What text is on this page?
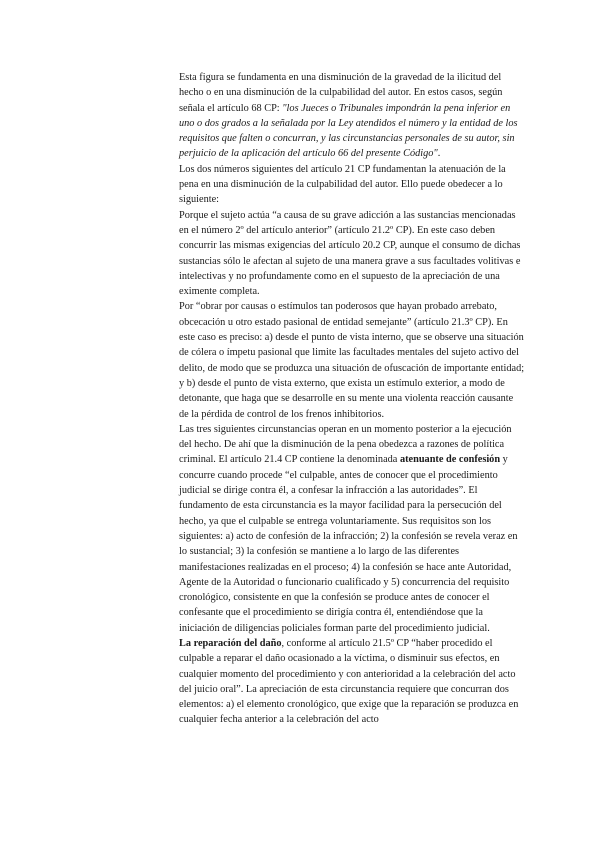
Esta figura se fundamenta en una disminución de la gravedad de la ilicitud del hecho o en una disminución de la culpabilidad del autor. En estos casos, según señala el artículo 68 CP: "los Jueces o Tribunales impondrán la pena inferior en uno o dos grados a la señalada por la Ley atendidos el número y la entidad de los requisitos que falten o concurran, y las circunstancias personales de su autor, sin perjuicio de la aplicación del artículo 66 del presente Código".

Los dos números siguientes del artículo 21 CP fundamentan la atenuación de la pena en una disminución de la culpabilidad del autor. Ello puede obedecer a lo siguiente:

Porque el sujeto actúa “a causa de su grave adicción a las sustancias mencionadas en el número 2º del artículo anterior” (artículo 21.2º CP). En este caso deben concurrir las mismas exigencias del artículo 20.2 CP, aunque el consumo de dichas sustancias sólo le afectan al sujeto de una manera grave a sus facultades volitivas e intelectivas y no profundamente como en el supuesto de la apreciación de una eximente completa.

Por “obrar por causas o estímulos tan poderosos que hayan probado arrebato, obcecación u otro estado pasional de entidad semejante” (artículo 21.3º CP). En este caso es preciso: a) desde el punto de vista interno, que se observe una situación de cólera o ímpetu pasional que limite las facultades mentales del sujeto activo del delito, de modo que se produzca una situación de ofuscación de importante entidad; y b) desde el punto de vista externo, que exista un estímulo exterior, a modo de detonante, que haga que se desarrolle en su mente una violenta reacción causante de la pérdida de control de los frenos inhibitorios.

Las tres siguientes circunstancias operan en un momento posterior a la ejecución del hecho. De ahí que la disminución de la pena obedezca a razones de política criminal. El artículo 21.4 CP contiene la denominada atenuante de confesión y concurre cuando procede “el culpable, antes de conocer que el procedimiento judicial se dirige contra él, a confesar la infracción a las autoridades”. El fundamento de esta circunstancia es la mayor facilidad para la persecución del hecho, ya que el culpable se entrega voluntariamente. Sus requisitos son los siguientes: a) acto de confesión de la infracción; 2) la confesión se revela veraz en lo sustancial; 3) la confesión se mantiene a lo largo de las diferentes manifestaciones realizadas en el proceso; 4) la confesión se hace ante Autoridad, Agente de la Autoridad o funcionario cualificado y 5) concurrencia del requisito cronológico, consistente en que la confesión se produce antes de conocer el confesante que el procedimiento se dirigía contra él, entendiéndose que la iniciación de diligencias policiales forman parte del procedimiento judicial.

La reparación del daño, conforme al artículo 21.5º CP “haber procedido el culpable a reparar el daño ocasionado a la víctima, o disminuir sus efectos, en cualquier momento del procedimiento y con anterioridad a la celebración del acto del juicio oral”. La apreciación de esta circunstancia requiere que concurran dos elementos: a) el elemento cronológico, que exige que la reparación se produzca en cualquier fecha anterior a la celebración del acto
